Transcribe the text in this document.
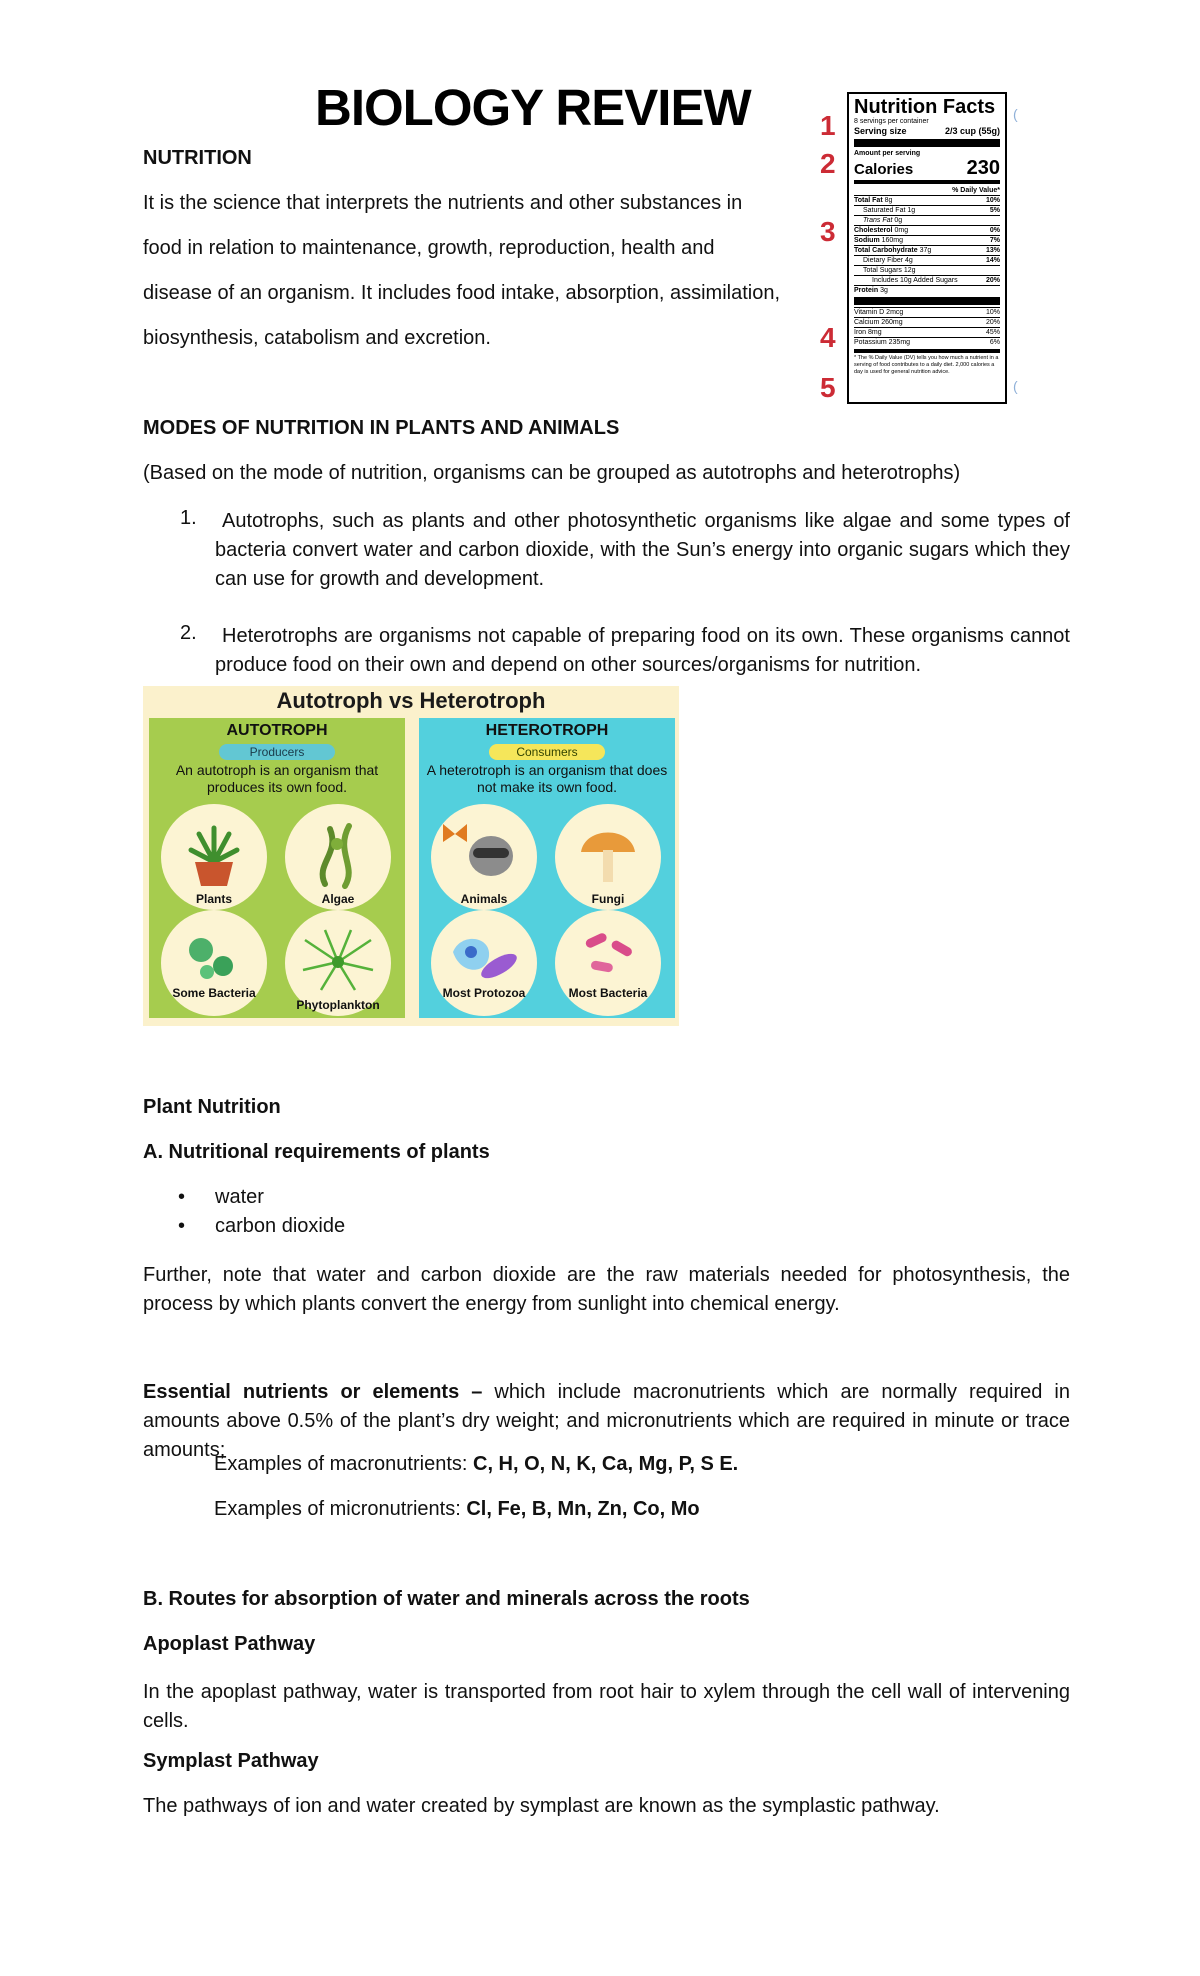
BIOLOGY REVIEW 1
2
3
4
5
Nutrition Facts
8 servings per container
Serving size	2/3 cup (55g)
Amount per serving
Calories	230
% Daily Value*
Total Fat 8g	10%
Saturated Fat 1g	5%
Trans Fat 0g
Cholesterol 0mg	0%
Sodium 160mg	7%
Total Carbohydrate 37g	13%
Dietary Fiber 4g	14%
Total Sugars 12g
Includes 10g Added Sugars	20%
Protein 3g
Vitamin D 2mcg	10%
Calcium 260mg	20%
Iron 8mg	45%
Potassium 235mg	6%
* The % Daily Value (DV) tells you how much a nutrient in a serving of food contributes to a daily diet. 2,000 calories a day is used for general nutrition advice.
(
(
NUTRITION
It is the science that interprets the nutrients and other substances in
food in relation to maintenance, growth, reproduction, health and
disease of an organism. It includes food intake, absorption, assimilation,
biosynthesis, catabolism and excretion.
MODES OF NUTRITION IN PLANTS AND ANIMALS
(Based on the mode of nutrition, organisms can be grouped as autotrophs and heterotrophs)
1.	Autotrophs, such as plants and other photosynthetic organisms like algae and some types of bacteria convert water and carbon dioxide, with the Sun’s energy into organic sugars which they can use for growth and development.
2.	Heterotrophs are organisms not capable of preparing food on its own. These organisms cannot produce food on their own and depend on other sources/organisms for nutrition.
Autotroph vs Heterotroph
AUTOTROPH
Producers
An autotroph is an organism that produces its own food.
Plants	Algae
Some Bacteria
Phytoplankton
HETEROTROPH
Consumers
A heterotroph is an organism that does not make its own food.
Animals	Fungi
Most Protozoa	Most Bacteria
Plant Nutrition
A. Nutritional requirements of plants
• water
• carbon dioxide
Further, note that water and carbon dioxide are the raw materials needed for photosynthesis, the process by which plants convert the energy from sunlight into chemical energy.
Essential nutrients or elements – which include macronutrients which are normally required in amounts above 0.5% of the plant’s dry weight; and micronutrients which are required in minute or trace amounts;
Examples of macronutrients: C, H, O, N, K, Ca, Mg, P, S E.
Examples of micronutrients: Cl, Fe, B, Mn, Zn, Co, Mo
B. Routes for absorption of water and minerals across the roots
Apoplast Pathway
In the apoplast pathway, water is transported from root hair to xylem through the cell wall of intervening cells.
Symplast Pathway
The pathways of ion and water created by symplast are known as the symplastic pathway.
